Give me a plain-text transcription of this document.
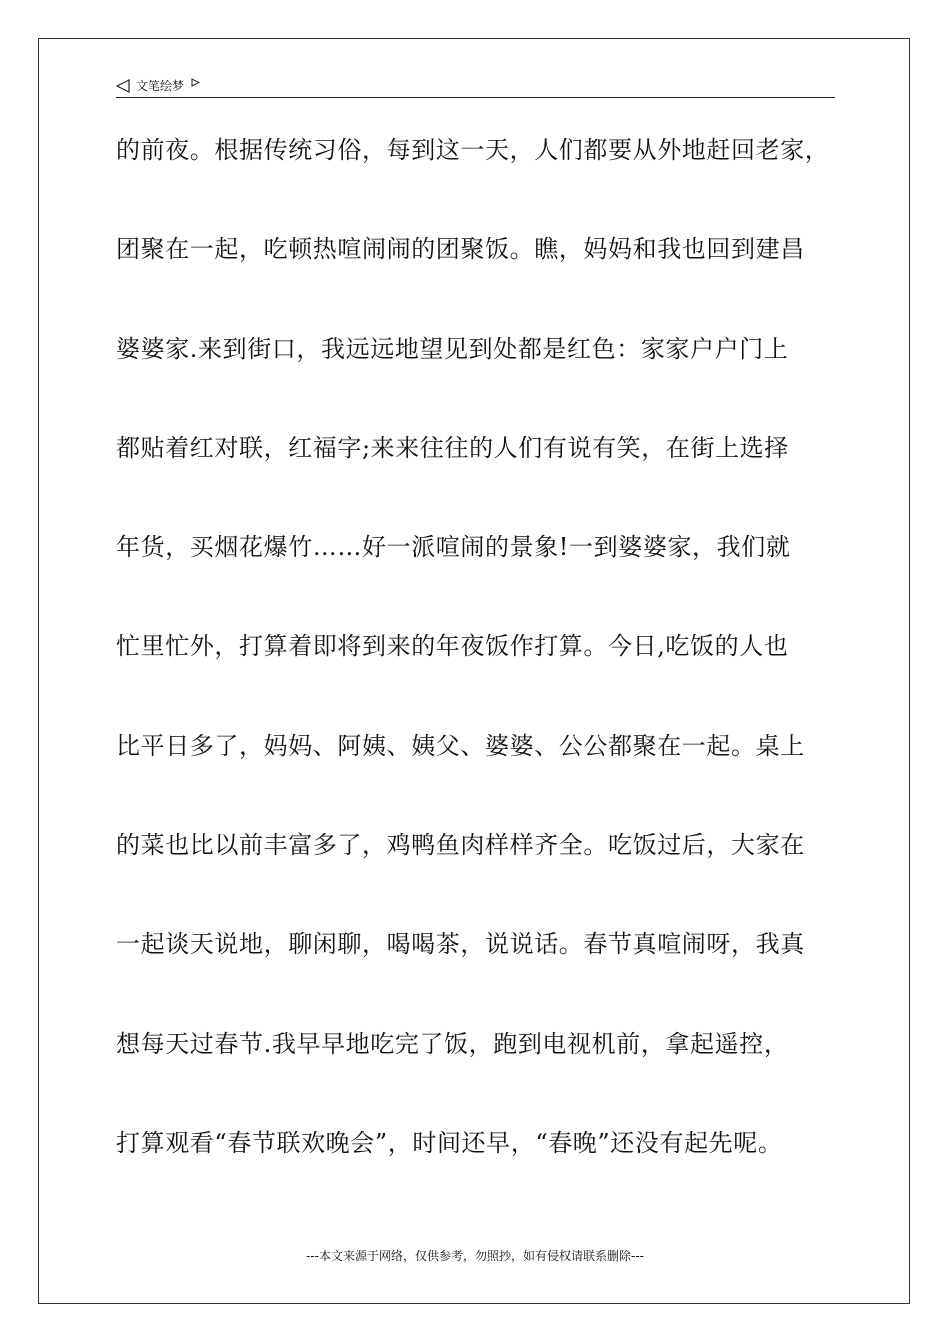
文笔绘梦
的前夜。根据传统习俗，每到这一天，人们都要从外地赶回老家，
团聚在一起，吃顿热喧闹闹的团聚饭。瞧，妈妈和我也回到建昌
婆婆家.来到街口，我远远地望见到处都是红色：家家户户门上
都贴着红对联，红福字;来来往往的人们有说有笑，在街上选择
年货，买烟花爆竹……好一派喧闹的景象!一到婆婆家，我们就
忙里忙外，打算着即将到来的年夜饭作打算。今日,吃饭的人也
比平日多了，妈妈、阿姨、姨父、婆婆、公公都聚在一起。桌上
的菜也比以前丰富多了，鸡鸭鱼肉样样齐全。吃饭过后，大家在
一起谈天说地，聊闲聊，喝喝茶，说说话。春节真喧闹呀，我真
想每天过春节.我早早地吃完了饭，跑到电视机前，拿起遥控，
打算观看“春节联欢晚会”，时间还早，“春晚”还没有起先呢。
---本文来源于网络，仅供参考，勿照抄，如有侵权请联系删除---
